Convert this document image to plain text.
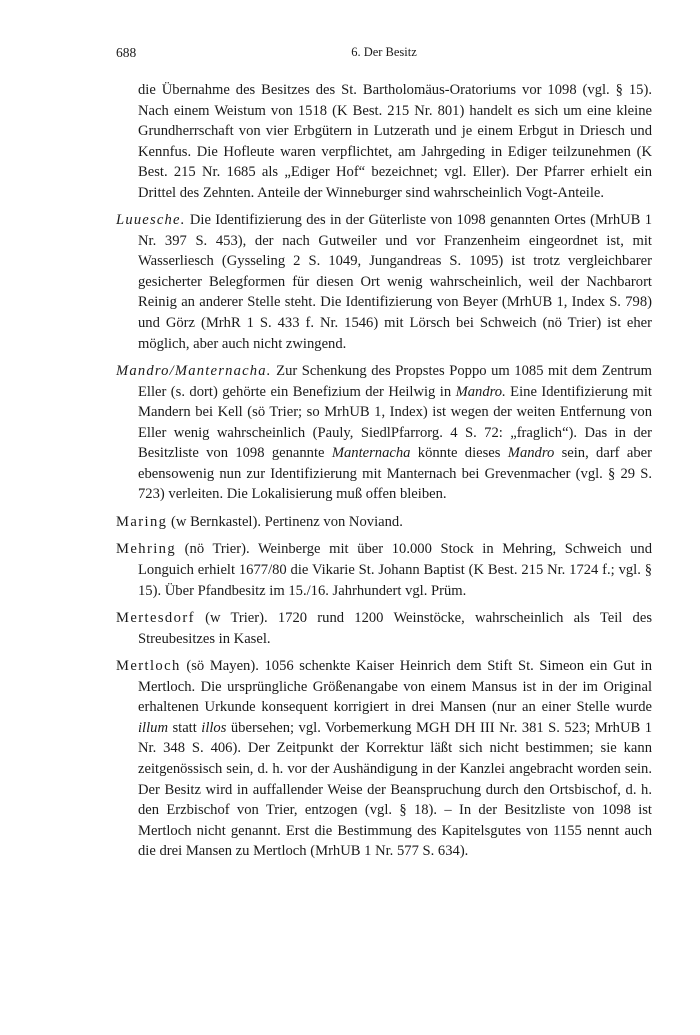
688	6. Der Besitz

die Übernahme des Besitzes des St. Bartholomäus-Oratoriums vor 1098 (vgl. § 15). Nach einem Weistum von 1518 (K Best. 215 Nr. 801) handelt es sich um eine kleine Grundherrschaft von vier Erbgütern in Lutzerath und je einem Erbgut in Driesch und Kennfus. Die Hofleute waren verpflichtet, am Jahrgeding in Ediger teilzunehmen (K Best. 215 Nr. 1685 als „Ediger Hof“ bezeichnet; vgl. Eller). Der Pfarrer erhielt ein Drittel des Zehnten. Anteile der Winneburger sind wahrscheinlich Vogt-Anteile.

Luuesche. Die Identifizierung des in der Güterliste von 1098 genannten Ortes (MrhUB 1 Nr. 397 S. 453), der nach Gutweiler und vor Franzenheim eingeordnet ist, mit Wasserliesch (Gysseling 2 S. 1049, Jungandreas S. 1095) ist trotz vergleichbarer gesicherter Belegformen für diesen Ort wenig wahrscheinlich, weil der Nachbarort Reinig an anderer Stelle steht. Die Identifizierung von Beyer (MrhUB 1, Index S. 798) und Görz (MrhR 1 S. 433 f. Nr. 1546) mit Lörsch bei Schweich (nö Trier) ist eher möglich, aber auch nicht zwingend.

Mandro/Manternacha. Zur Schenkung des Propstes Poppo um 1085 mit dem Zentrum Eller (s. dort) gehörte ein Benefizium der Heilwig in Mandro. Eine Identifizierung mit Mandern bei Kell (sö Trier; so MrhUB 1, Index) ist wegen der weiten Entfernung von Eller wenig wahrscheinlich (Pauly, SiedlPfarrorg. 4 S. 72: „fraglich“). Das in der Besitzliste von 1098 genannte Manternacha könnte dieses Mandro sein, darf aber ebensowenig nun zur Identifizierung mit Manternach bei Grevenmacher (vgl. § 29 S. 723) verleiten. Die Lokalisierung muß offen bleiben.

Maring (w Bernkastel). Pertinenz von Noviand.

Mehring (nö Trier). Weinberge mit über 10.000 Stock in Mehring, Schweich und Longuich erhielt 1677/80 die Vikarie St. Johann Baptist (K Best. 215 Nr. 1724 f.; vgl. § 15). Über Pfandbesitz im 15./16. Jahrhundert vgl. Prüm.

Mertesdorf (w Trier). 1720 rund 1200 Weinstöcke, wahrscheinlich als Teil des Streubesitzes in Kasel.

Mertloch (sö Mayen). 1056 schenkte Kaiser Heinrich dem Stift St. Simeon ein Gut in Mertloch. Die ursprüngliche Größenangabe von einem Mansus ist in der im Original erhaltenen Urkunde konsequent korrigiert in drei Mansen (nur an einer Stelle wurde illum statt illos übersehen; vgl. Vorbemerkung MGH DH III Nr. 381 S. 523; MrhUB 1 Nr. 348 S. 406). Der Zeitpunkt der Korrektur läßt sich nicht bestimmen; sie kann zeitgenössisch sein, d. h. vor der Aushändigung in der Kanzlei angebracht worden sein. Der Besitz wird in auffallender Weise der Beanspruchung durch den Ortsbischof, d. h. den Erzbischof von Trier, entzogen (vgl. § 18). – In der Besitzliste von 1098 ist Mertloch nicht genannt. Erst die Bestimmung des Kapitelsgutes von 1155 nennt auch die drei Mansen zu Mertloch (MrhUB 1 Nr. 577 S. 634).
